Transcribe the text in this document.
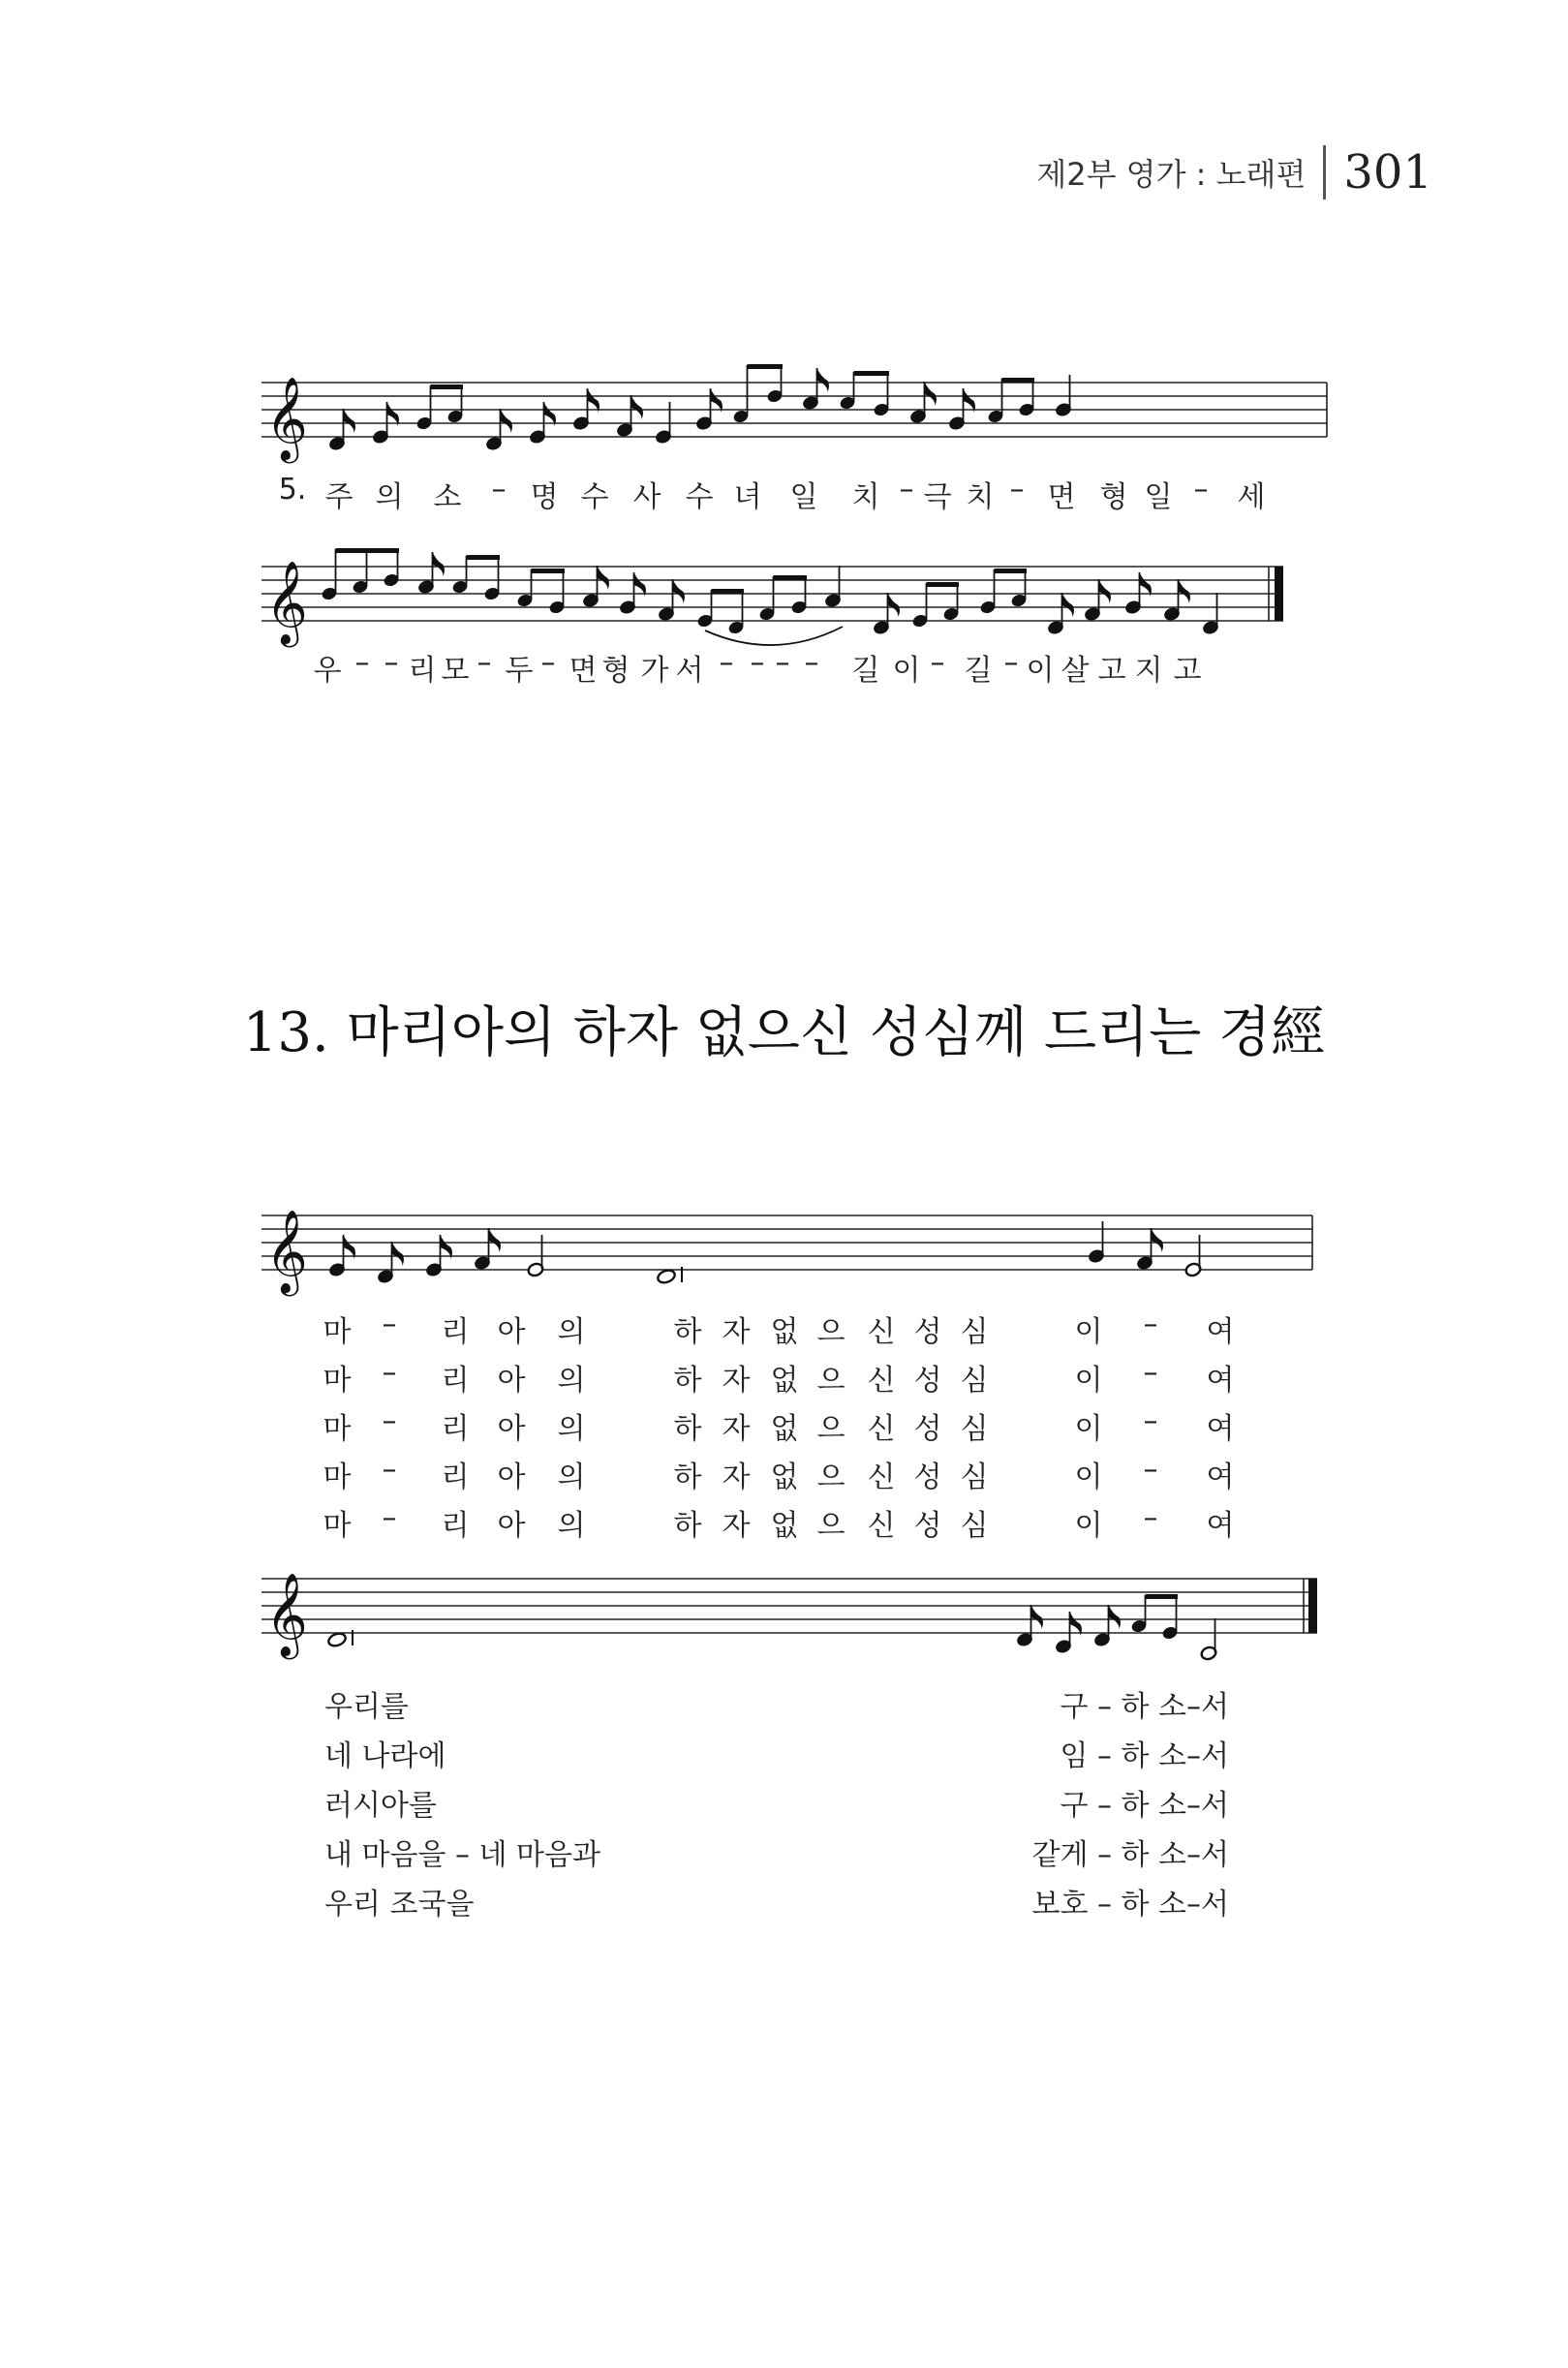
제2부 영가 : 노래편 301
𝄞
5. 주 의 소 – 명 수 사 수 녀 일 치 – 극 치 – 면 형 일 – 세
𝄞
우 – – 리 모 – 두 – 면 형 가 서 – – – – 길 이 – 길 – 이 살 고 지 고
13. 마리아의 하자 없으신 성심께 드리는 경經
𝄞
마 – 리 아 의	하 자 없 으 신 성 심	이 – 여
마 – 리 아 의	하 자 없 으 신 성 심	이 – 여
마 – 리 아 의	하 자 없 으 신 성 심	이 – 여
마 – 리 아 의	하 자 없 으 신 성 심	이 – 여
마 – 리 아 의	하 자 없 으 신 성 심	이 – 여
𝄞
우리를	구 – 하 소–서
네 나라에	임 – 하 소–서
러시아를	구 – 하 소–서
내 마음을 – 네 마음과	같게 – 하 소–서
우리 조국을	보호 – 하 소–서
